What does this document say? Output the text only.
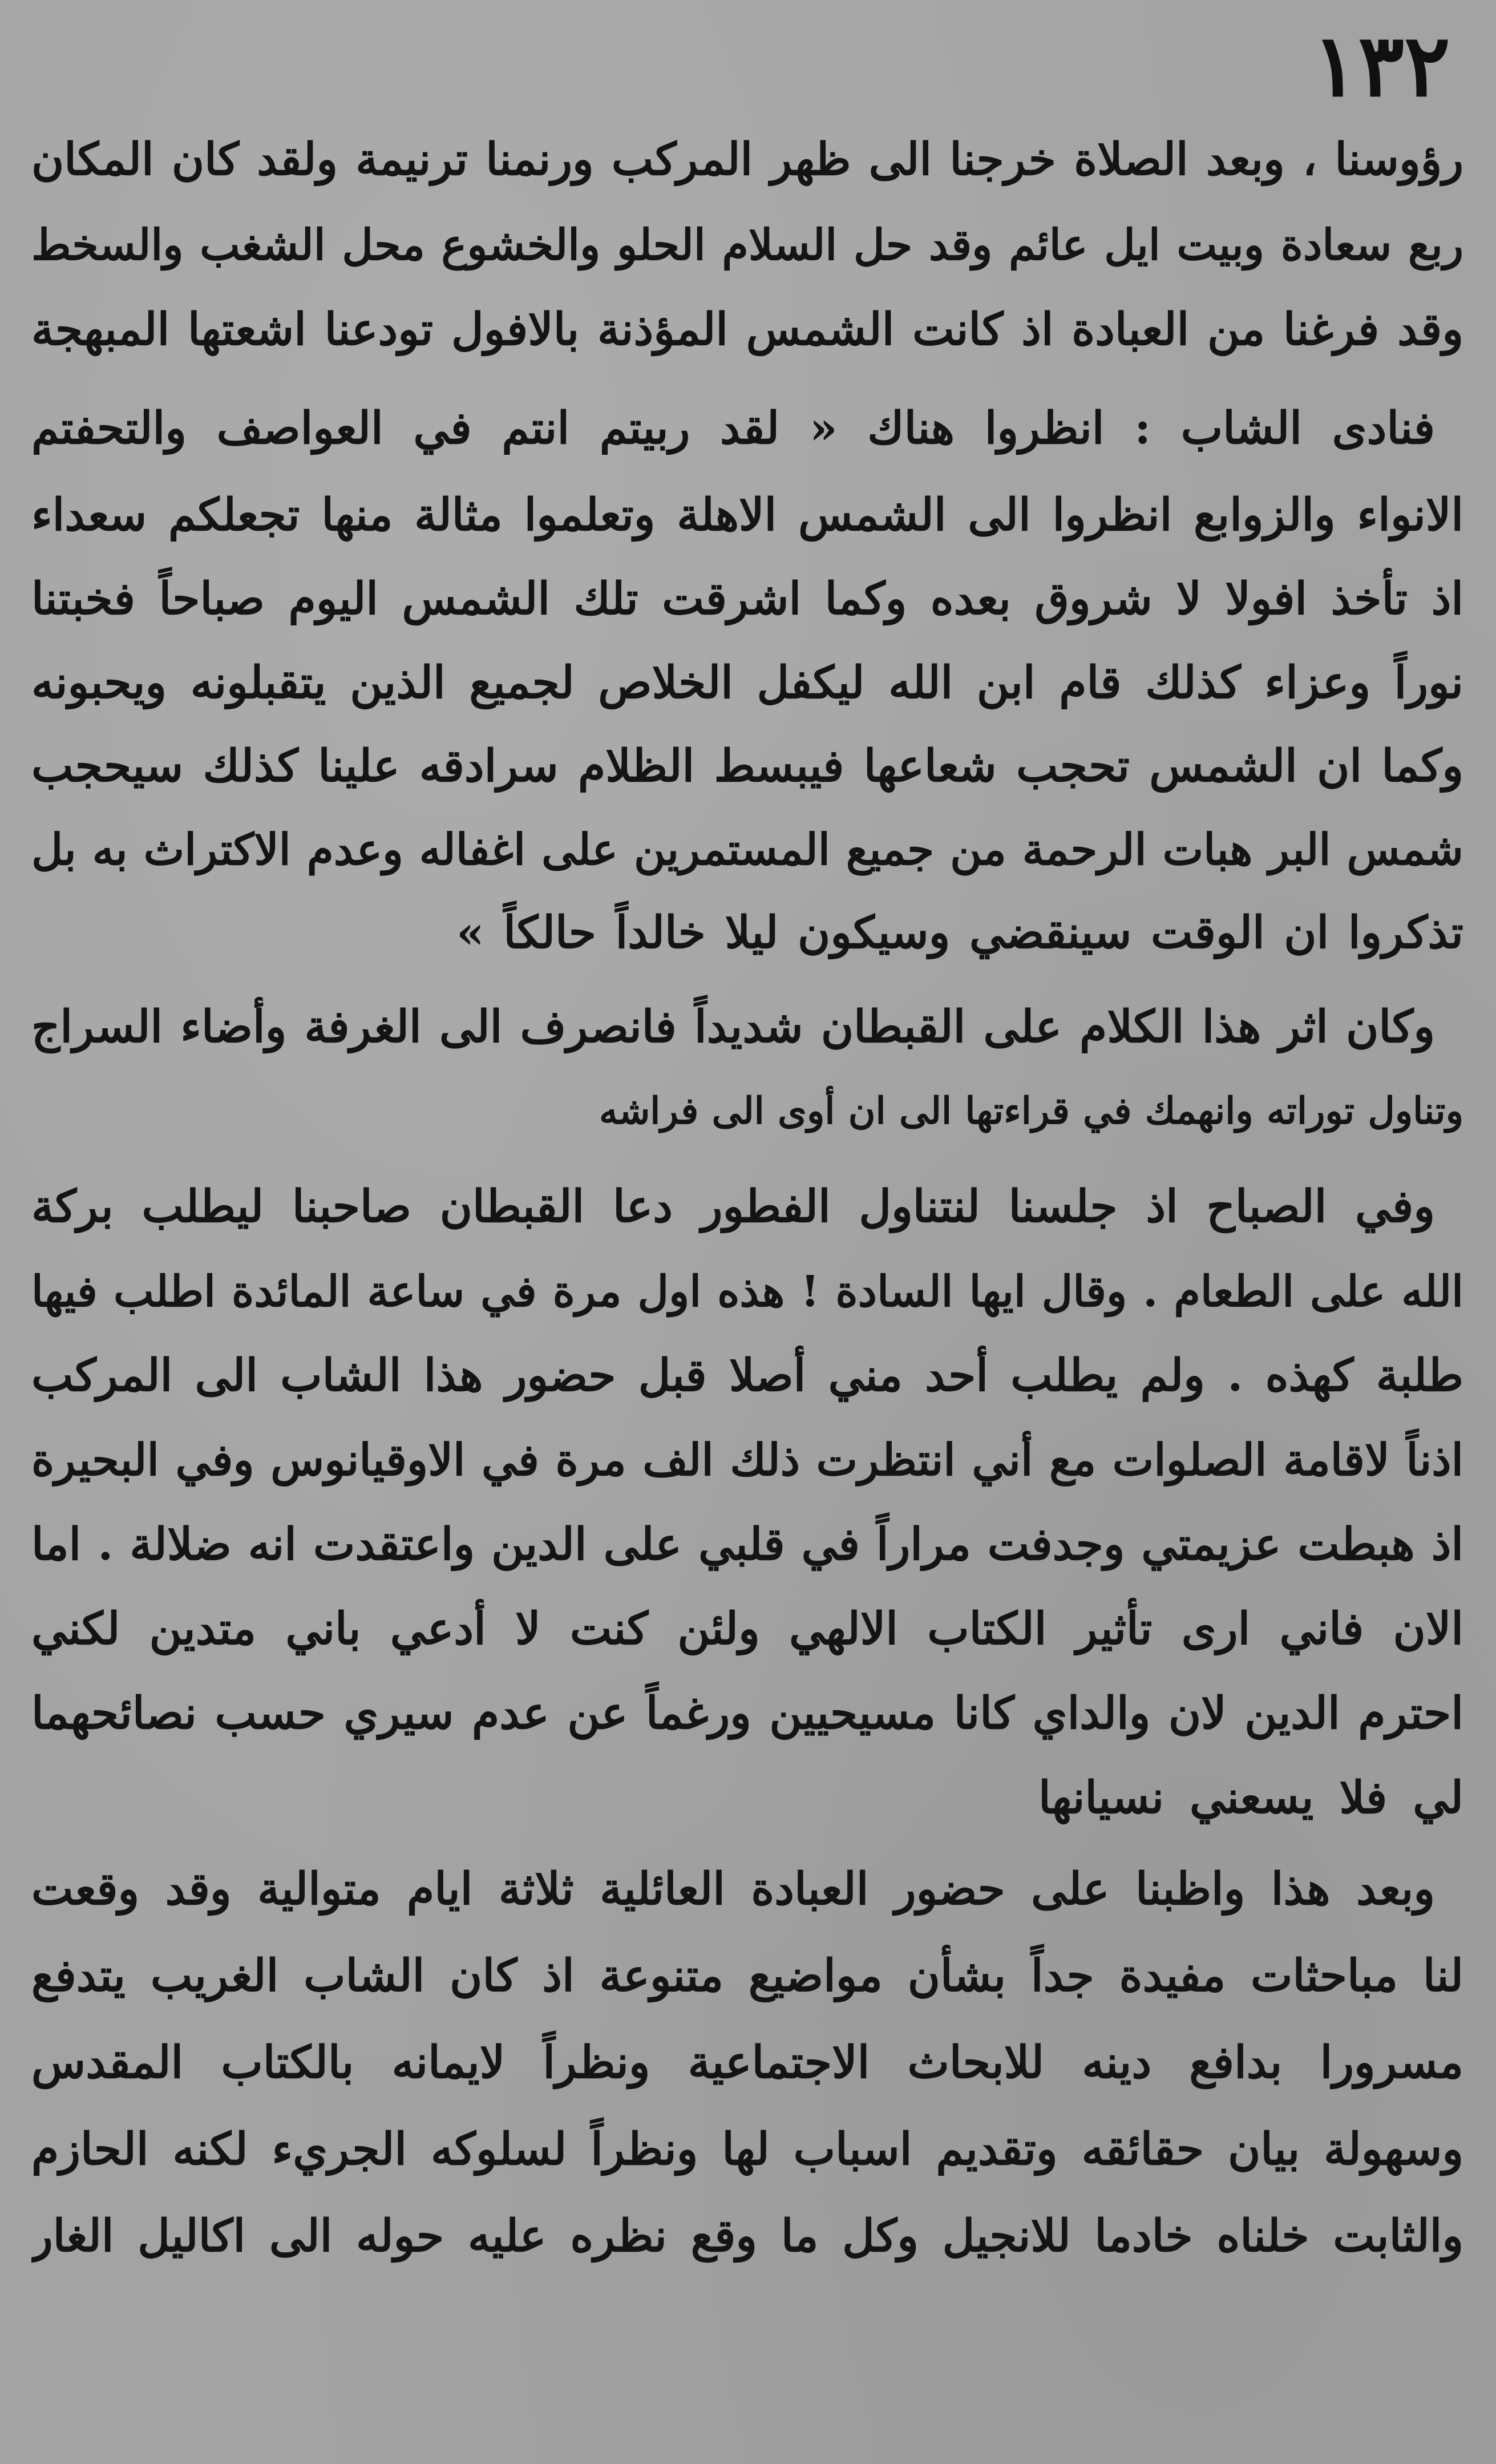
١٣٢
رؤوسنا ، وبعد الصلاة خرجنا الى ظهر المركب ورنمنا ترنيمة ولقد كان المكان
ربع سعادة وبيت ايل عائم وقد حل السلام الحلو والخشوع محل الشغب والسخط
وقد فرغنا من العبادة اذ كانت الشمس المؤذنة بالافول تودعنا اشعتها المبهجة
فنادى الشاب : انظروا هناك « لقد ربيتم انتم في العواصف والتحفتم
الانواء والزوابع انظروا الى الشمس الاهلة وتعلموا مثالة منها تجعلكم سعداء
اذ تأخذ افولا لا شروق بعده وكما اشرقت تلك الشمس اليوم صباحاً فخبتنا
نوراً وعزاء كذلك قام ابن الله ليكفل الخلاص لجميع الذين يتقبلونه ويحبونه
وكما ان الشمس تحجب شعاعها فيبسط الظلام سرادقه علينا كذلك سيحجب
شمس البر هبات الرحمة من جميع المستمرين على اغفاله وعدم الاكتراث به بل
تذكروا ان الوقت سينقضي وسيكون ليلا خالداً حالكاً »
وكان اثر هذا الكلام على القبطان شديداً فانصرف الى الغرفة وأضاء السراج
وتناول توراته وانهمك في قراءتها الى ان أوى الى فراشه
وفي الصباح اذ جلسنا لنتناول الفطور دعا القبطان صاحبنا ليطلب بركة
الله على الطعام . وقال ايها السادة ! هذه اول مرة في ساعة المائدة اطلب فيها
طلبة كهذه . ولم يطلب أحد مني أصلا قبل حضور هذا الشاب الى المركب
اذناً لاقامة الصلوات مع أني انتظرت ذلك الف مرة في الاوقيانوس وفي البحيرة
اذ هبطت عزيمتي وجدفت مراراً في قلبي على الدين واعتقدت انه ضلالة . اما
الان فاني ارى تأثير الكتاب الالهي ولئن كنت لا أدعي باني متدين لكني
احترم الدين لان والداي كانا مسيحيين ورغماً عن عدم سيري حسب نصائحهما
لي فلا يسعني نسيانها
وبعد هذا واظبنا على حضور العبادة العائلية ثلاثة ايام متوالية وقد وقعت
لنا مباحثات مفيدة جداً بشأن مواضيع متنوعة اذ كان الشاب الغريب يتدفع
مسرورا بدافع دينه للابحاث الاجتماعية ونظراً لايمانه بالكتاب المقدس
وسهولة بيان حقائقه وتقديم اسباب لها ونظراً لسلوكه الجريء لكنه الحازم
والثابت خلناه خادما للانجيل وكل ما وقع نظره عليه حوله الى اكاليل الغار
